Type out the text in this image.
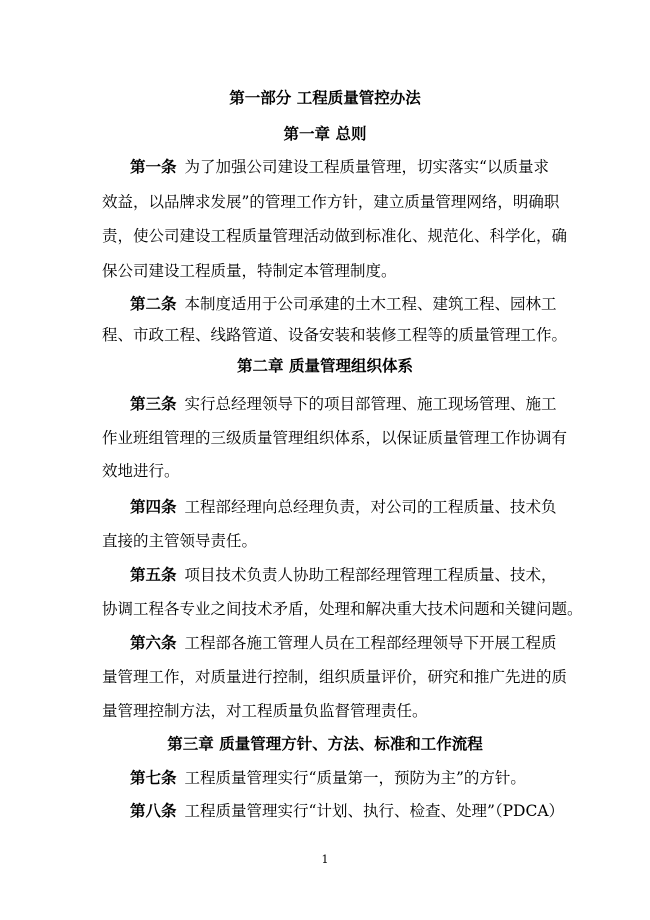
第一部分 工程质量管控办法
第一章 总则
第一条 为了加强公司建设工程质量管理，切实落实“以质量求
效益，以品牌求发展”的管理工作方针，建立质量管理网络，明确职
责，使公司建设工程质量管理活动做到标准化、规范化、科学化，确
保公司建设工程质量，特制定本管理制度。
第二条 本制度适用于公司承建的土木工程、建筑工程、园林工
程、市政工程、线路管道、设备安装和装修工程等的质量管理工作。
第二章 质量管理组织体系
第三条 实行总经理领导下的项目部管理、施工现场管理、施工
作业班组管理的三级质量管理组织体系，以保证质量管理工作协调有
效地进行。
第四条 工程部经理向总经理负责，对公司的工程质量、技术负
直接的主管领导责任。
第五条 项目技术负责人协助工程部经理管理工程质量、技术，
协调工程各专业之间技术矛盾，处理和解决重大技术问题和关键问题。
第六条 工程部各施工管理人员在工程部经理领导下开展工程质
量管理工作，对质量进行控制，组织质量评价，研究和推广先进的质
量管理控制方法，对工程质量负监督管理责任。
第三章 质量管理方针、方法、标准和工作流程
第七条 工程质量管理实行“质量第一，预防为主”的方针。
第八条 工程质量管理实行“计划、执行、检查、处理”（PDCA）
1
